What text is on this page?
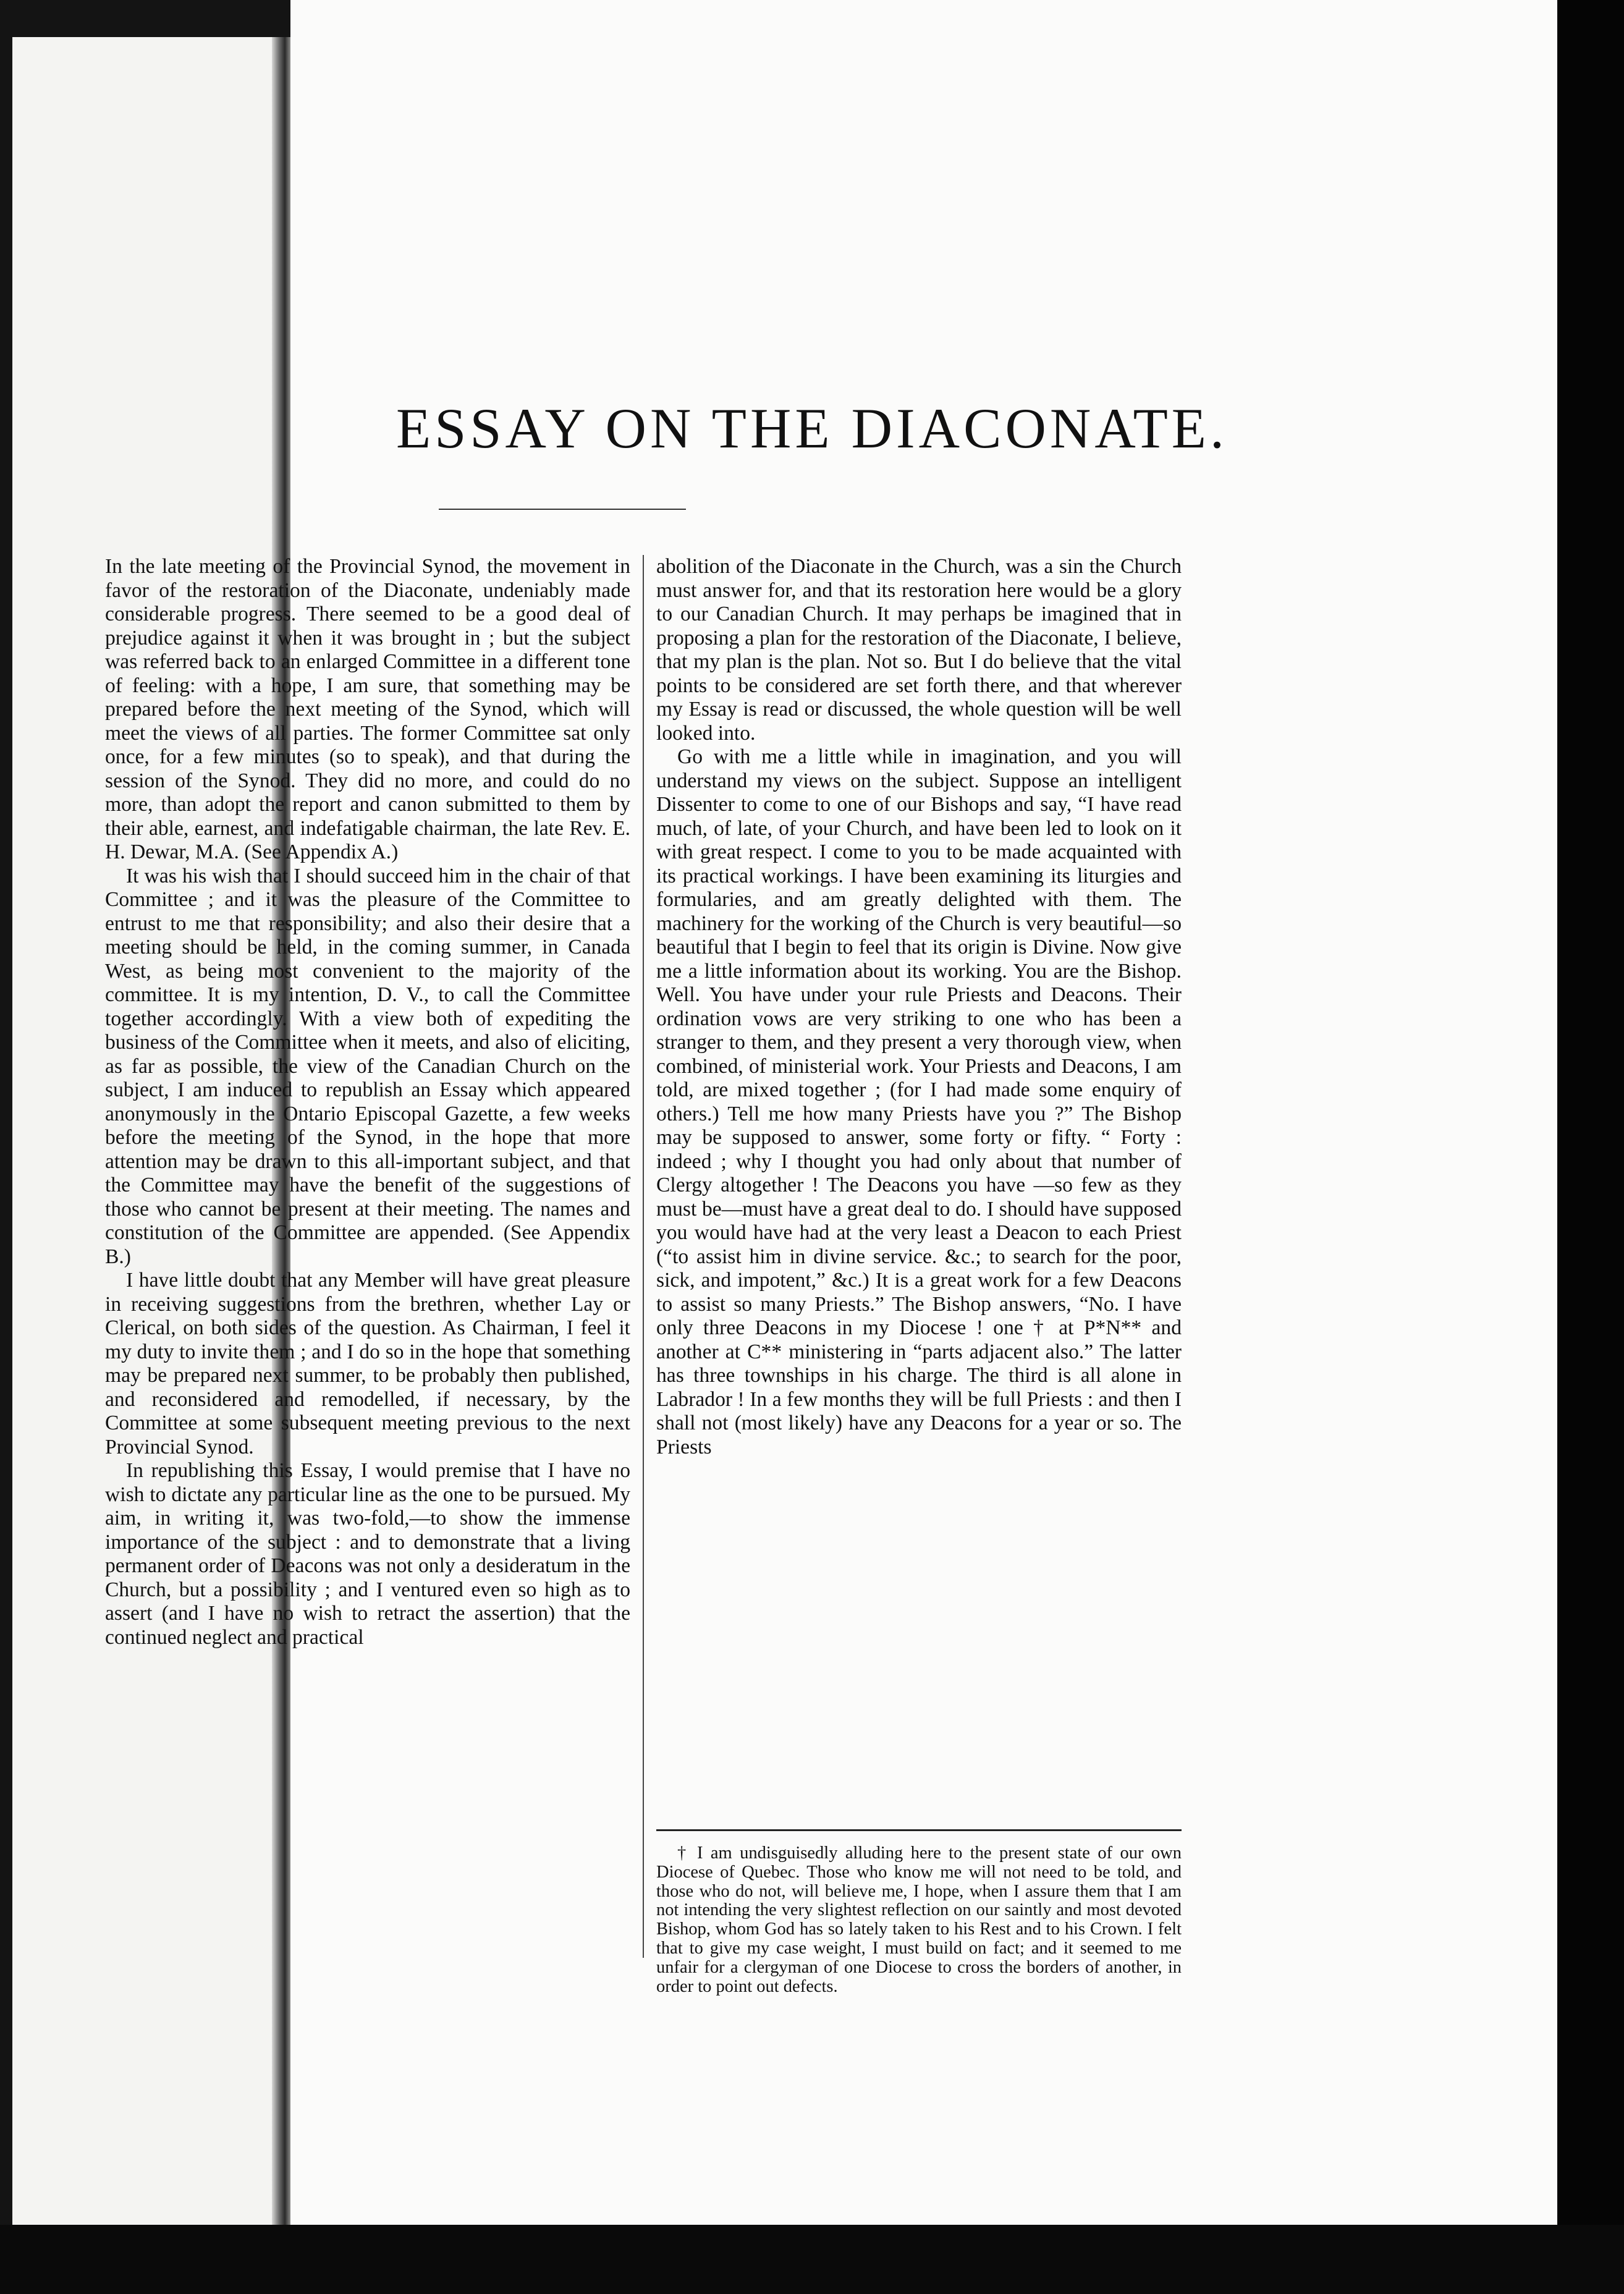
ESSAY ON THE DIACONATE.

In the late meeting of the Provincial Synod, the movement in favor of the restoration of the Diaconate, undeniably made considerable progress. There seemed to be a good deal of prejudice against it when it was brought in ; but the subject was referred back to an enlarged Committee in a different tone of feeling: with a hope, I am sure, that something may be prepared before the next meeting of the Synod, which will meet the views of all parties. The former Committee sat only once, for a few minutes (so to speak), and that during the session of the Synod. They did no more, and could do no more, than adopt the report and canon submitted to them by their able, earnest, and indefatigable chairman, the late Rev. E. H. Dewar, M.A. (See Appendix A.)

It was his wish that I should succeed him in the chair of that Committee ; and it was the pleasure of the Committee to entrust to me that responsibility; and also their desire that a meeting should be held, in the coming summer, in Canada West, as being most convenient to the majority of the committee. It is my intention, D. V., to call the Committee together accordingly. With a view both of expediting the business of the Committee when it meets, and also of eliciting, as far as possible, the view of the Canadian Church on the subject, I am induced to republish an Essay which appeared anonymously in the Ontario Episcopal Gazette, a few weeks before the meeting of the Synod, in the hope that more attention may be drawn to this all-important subject, and that the Committee may have the benefit of the suggestions of those who cannot be present at their meeting. The names and constitution of the Committee are appended. (See Appendix B.)

I have little doubt that any Member will have great pleasure in receiving suggestions from the brethren, whether Lay or Clerical, on both sides of the question. As Chairman, I feel it my duty to invite them ; and I do so in the hope that something may be prepared next summer, to be probably then published, and reconsidered and remodelled, if necessary, by the Committee at some subsequent meeting previous to the next Provincial Synod.

In republishing this Essay, I would premise that I have no wish to dictate any particular line as the one to be pursued. My aim, in writing it, was two-fold,—to show the immense importance of the subject : and to demonstrate that a living permanent order of Deacons was not only a desideratum in the Church, but a possibility ; and I ventured even so high as to assert (and I have no wish to retract the assertion) that the continued neglect and practical

abolition of the Diaconate in the Church, was a sin the Church must answer for, and that its restoration here would be a glory to our Canadian Church. It may perhaps be imagined that in proposing a plan for the restoration of the Diaconate, I believe, that my plan is the plan. Not so. But I do believe that the vital points to be considered are set forth there, and that wherever my Essay is read or discussed, the whole question will be well looked into.

Go with me a little while in imagination, and you will understand my views on the subject. Suppose an intelligent Dissenter to come to one of our Bishops and say, “I have read much, of late, of your Church, and have been led to look on it with great respect. I come to you to be made acquainted with its practical workings. I have been examining its liturgies and formularies, and am greatly delighted with them. The machinery for the working of the Church is very beautiful—so beautiful that I begin to feel that its origin is Divine. Now give me a little information about its working. You are the Bishop. Well. You have under your rule Priests and Deacons. Their ordination vows are very striking to one who has been a stranger to them, and they present a very thorough view, when combined, of ministerial work. Your Priests and Deacons, I am told, are mixed together ; (for I had made some enquiry of others.) Tell me how many Priests have you ?” The Bishop may be supposed to answer, some forty or fifty. “ Forty : indeed ; why I thought you had only about that number of Clergy altogether ! The Deacons you have —so few as they must be—must have a great deal to do. I should have supposed you would have had at the very least a Deacon to each Priest (“to assist him in divine service. &c.; to search for the poor, sick, and impotent,” &c.) It is a great work for a few Deacons to assist so many Priests.” The Bishop answers, “No. I have only three Deacons in my Diocese ! one † at P*N** and another at C** ministering in “parts adjacent also.” The latter has three townships in his charge. The third is all alone in Labrador ! In a few months they will be full Priests : and then I shall not (most likely) have any Deacons for a year or so. The Priests

† I am undisguisedly alluding here to the present state of our own Diocese of Quebec. Those who know me will not need to be told, and those who do not, will believe me, I hope, when I assure them that I am not intending the very slightest reflection on our saintly and most devoted Bishop, whom God has so lately taken to his Rest and to his Crown. I felt that to give my case weight, I must build on fact; and it seemed to me unfair for a clergyman of one Diocese to cross the borders of another, in order to point out defects.
